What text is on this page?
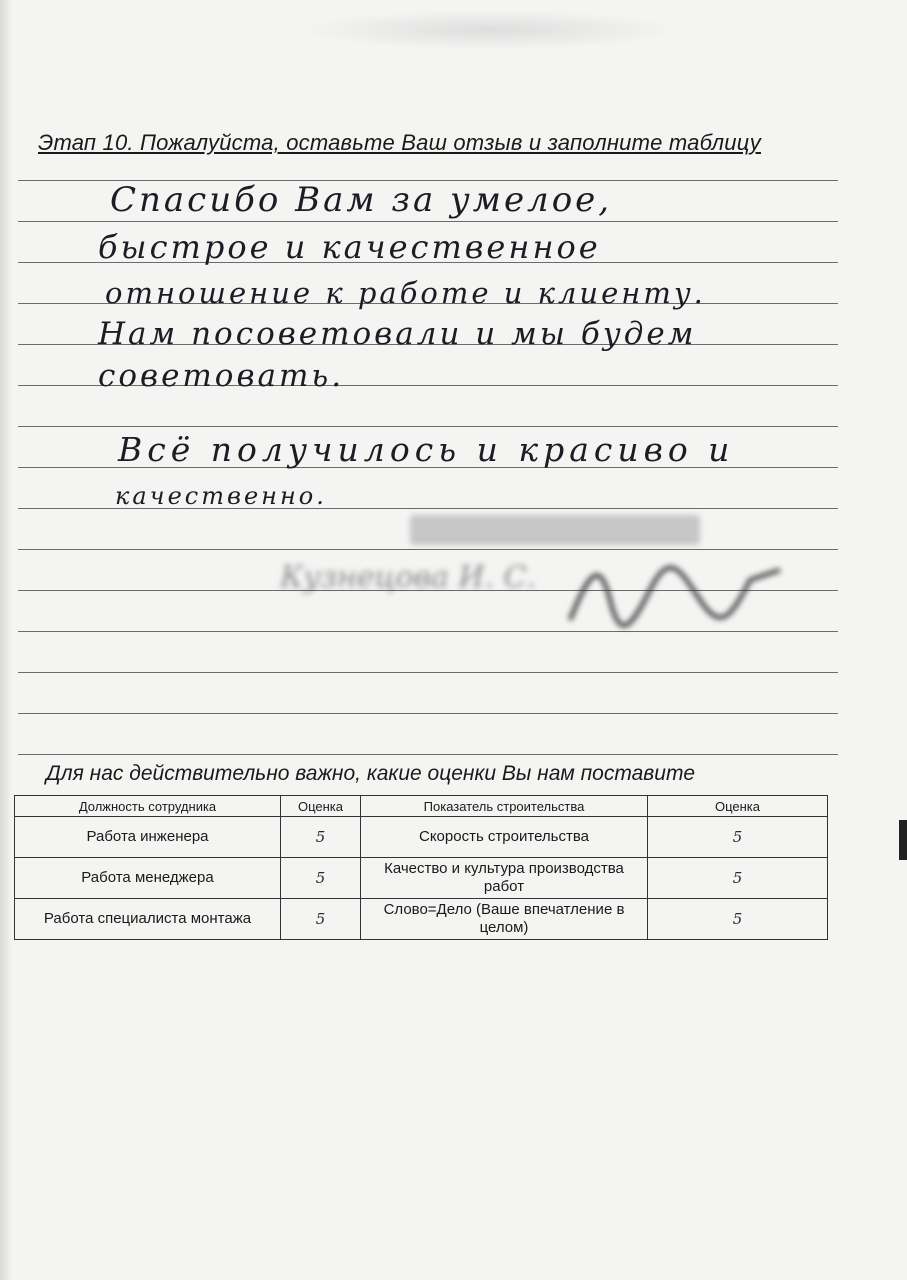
Этап 10. Пожалуйста, оставьте Ваш отзыв и заполните таблицу
Спасибо Вам за умелое,
быстрое и качественное
отношение к работе и клиенту.
Нам посоветовали и мы будем
советовать.
Всё получилось и красиво и
качественно.
Кузнецова И. С.
Для нас действительно важно, какие оценки Вы нам поставите
Должность сотрудника	Оценка	Показатель строительства	Оценка
Работа инженера	5	Скорость строительства	5
Работа менеджера	5	Качество и культура производства работ	5
Работа специалиста монтажа	5	Слово=Дело (Ваше впечатление в целом)	5
